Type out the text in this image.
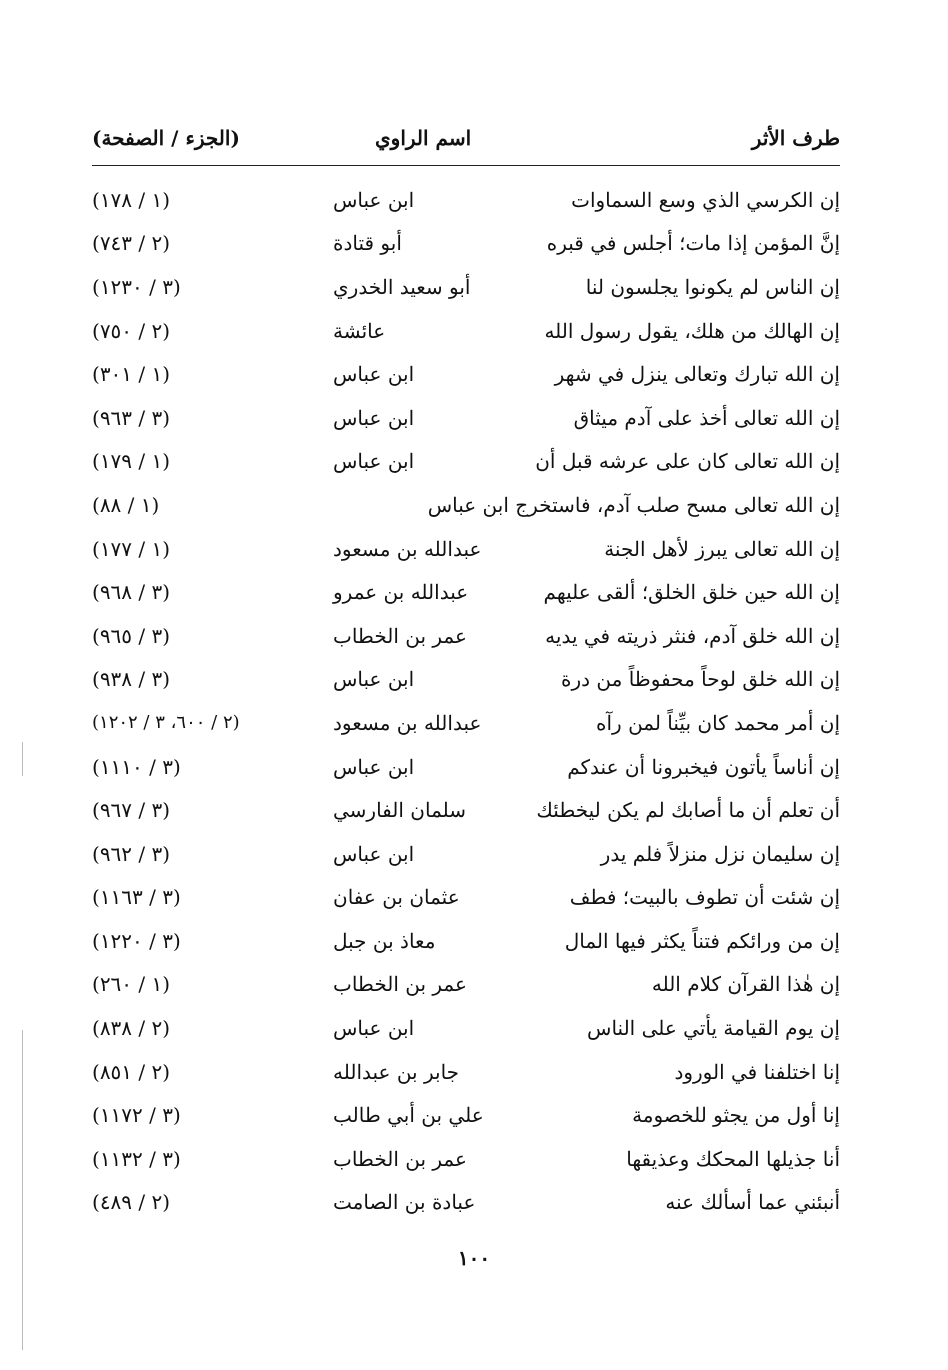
طرف الأثر
اسم الراوي
(الجزء / الصفحة)
إن الكرسي الذي وسع السماوات
ابن عباس
(١ / ١٧٨)
إنَّ المؤمن إذا مات؛ أجلس في قبره
أبو قتادة
(٢ / ٧٤٣)
إن الناس لم يكونوا يجلسون لنا
أبو سعيد الخدري
(٣ / ١٢٣٠)
إن الهالك من هلك، يقول رسول الله
عائشة
(٢ / ٧٥٠)
إن الله تبارك وتعالى ينزل في شهر
ابن عباس
(١ / ٣٠١)
إن الله تعالى أخذ على آدم ميثاق
ابن عباس
(٣ / ٩٦٣)
إن الله تعالى كان على عرشه قبل أن
ابن عباس
(١ / ١٧٩)
إن الله تعالى مسح صلب آدم، فاستخرج ابن عباس
(١ / ٨٨)
إن الله تعالى يبرز لأهل الجنة
عبدالله بن مسعود
(١ / ١٧٧)
إن الله حين خلق الخلق؛ ألقى عليهم
عبدالله بن عمرو
(٣ / ٩٦٨)
إن الله خلق آدم، فنثر ذريته في يديه
عمر بن الخطاب
(٣ / ٩٦٥)
إن الله خلق لوحاً محفوظاً من درة
ابن عباس
(٣ / ٩٣٨)
إن أمر محمد كان بيِّناً لمن رآه
عبدالله بن مسعود
(٢ / ٦٠٠، ٣ / ١٢٠٢)
إن أناساً يأتون فيخبرونا أن عندكم
ابن عباس
(٣ / ١١١٠)
أن تعلم أن ما أصابك لم يكن ليخطئك
سلمان الفارسي
(٣ / ٩٦٧)
إن سليمان نزل منزلاً فلم يدر
ابن عباس
(٣ / ٩٦٢)
إن شئت أن تطوف بالبيت؛ فطف
عثمان بن عفان
(٣ / ١١٦٣)
إن من ورائكم فتناً يكثر فيها المال
معاذ بن جبل
(٣ / ١٢٢٠)
إن هٰذا القرآن كلام الله
عمر بن الخطاب
(١ / ٢٦٠)
إن يوم القيامة يأتي على الناس
ابن عباس
(٢ / ٨٣٨)
إنا اختلفنا في الورود
جابر بن عبدالله
(٢ / ٨٥١)
إنا أول من يجثو للخصومة
علي بن أبي طالب
(٣ / ١١٧٢)
أنا جذيلها المحكك وعذيقها
عمر بن الخطاب
(٣ / ١١٣٢)
أنبئني عما أسألك عنه
عبادة بن الصامت
(٢ / ٤٨٩)
١٠٠
